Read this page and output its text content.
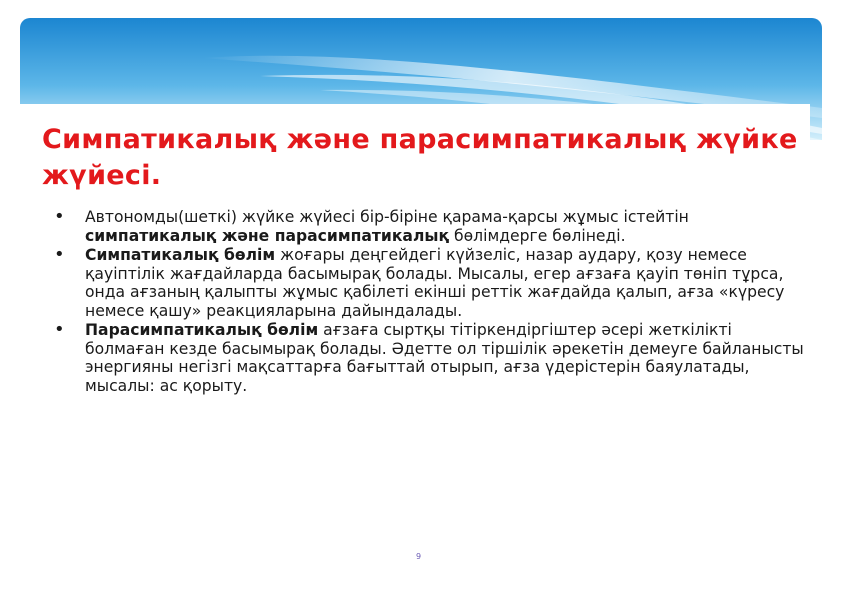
Симпатикалық және парасимпатикалық жүйке жүйесі.
• Автономды(шеткі) жүйке жүйесі бір-біріне қарама-қарсы жұмыс істейтін симпатикалық және парасимпатикалық бөлімдерге бөлінеді.
• Симпатикалық бөлім жоғары деңгейдегі күйзеліс, назар аудару, қозу немесе қауіптілік жағдайларда басымырақ болады. Мысалы, егер ағзаға қауіп төніп тұрса, онда ағзаның қалыпты жұмыс қабілеті екінші реттік жағдайда қалып, ағза «күресу немесе қашу» реакцияларына дайындалады.
• Парасимпатикалық бөлім ағзаға сыртқы тітіркендіргіштер әсері жеткілікті болмаған кезде басымырақ болады. Әдетте ол тіршілік әрекетін демеуге байланысты энергияны негізгі мақсаттарға бағыттай отырып, ағза үдерістерін баяулатады, мысалы: ас қорыту.
9
